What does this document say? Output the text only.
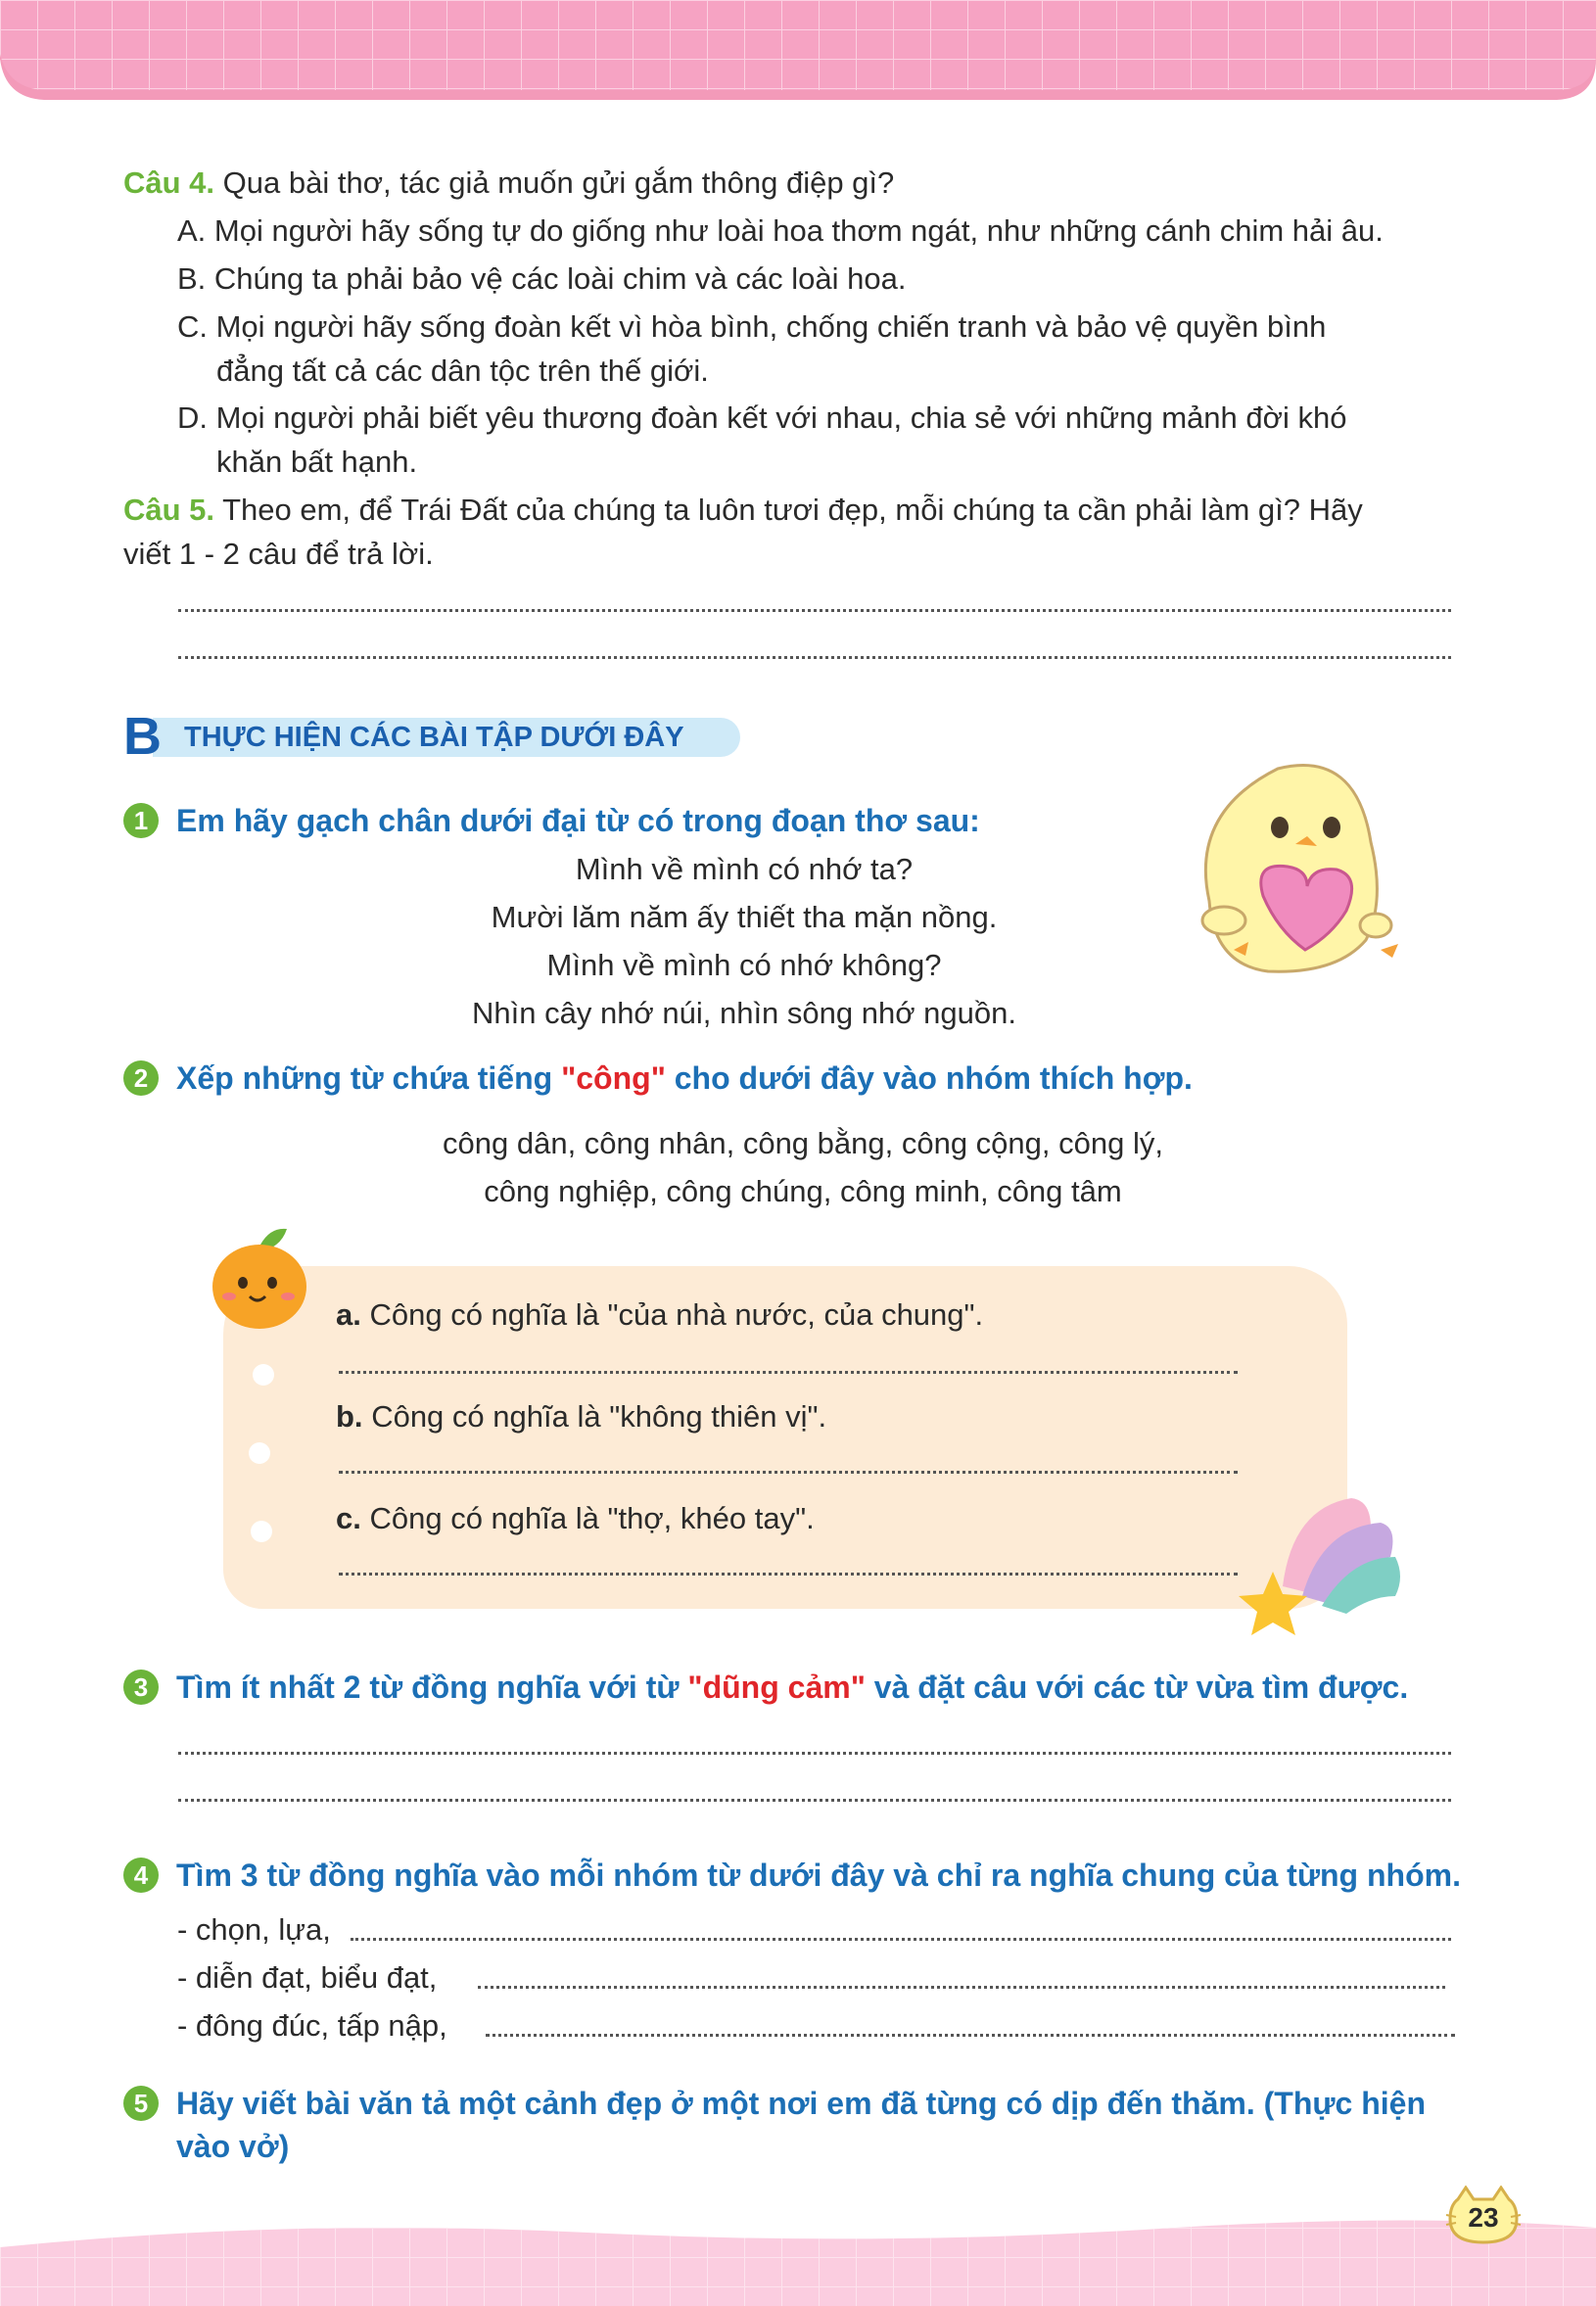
Câu 4. Qua bài thơ, tác giả muốn gửi gắm thông điệp gì?
A. Mọi người hãy sống tự do giống như loài hoa thơm ngát, như những cánh chim hải âu.
B. Chúng ta phải bảo vệ các loài chim và các loài hoa.
C. Mọi người hãy sống đoàn kết vì hòa bình, chống chiến tranh và bảo vệ quyền bình
đẳng tất cả các dân tộc trên thế giới.
D. Mọi người phải biết yêu thương đoàn kết với nhau, chia sẻ với những mảnh đời khó
khăn bất hạnh.
Câu 5. Theo em, để Trái Đất của chúng ta luôn tươi đẹp, mỗi chúng ta cần phải làm gì? Hãy
viết 1 - 2 câu để trả lời.
B THỰC HIỆN CÁC BÀI TẬP DƯỚI ĐÂY
1 Em hãy gạch chân dưới đại từ có trong đoạn thơ sau:
Mình về mình có nhớ ta?
Mười lăm năm ấy thiết tha mặn nồng.
Mình về mình có nhớ không?
Nhìn cây nhớ núi, nhìn sông nhớ nguồn.
2 Xếp những từ chứa tiếng "công" cho dưới đây vào nhóm thích hợp.
công dân, công nhân, công bằng, công cộng, công lý,
công nghiệp, công chúng, công minh, công tâm
a. Công có nghĩa là "của nhà nước, của chung".
b. Công có nghĩa là "không thiên vị".
c. Công có nghĩa là "thợ, khéo tay".
3 Tìm ít nhất 2 từ đồng nghĩa với từ "dũng cảm" và đặt câu với các từ vừa tìm được.
4 Tìm 3 từ đồng nghĩa vào mỗi nhóm từ dưới đây và chỉ ra nghĩa chung của từng nhóm.
- chọn, lựa,
- diễn đạt, biểu đạt,
- đông đúc, tấp nập,
5 Hãy viết bài văn tả một cảnh đẹp ở một nơi em đã từng có dịp đến thăm. (Thực hiện
vào vở)
23
